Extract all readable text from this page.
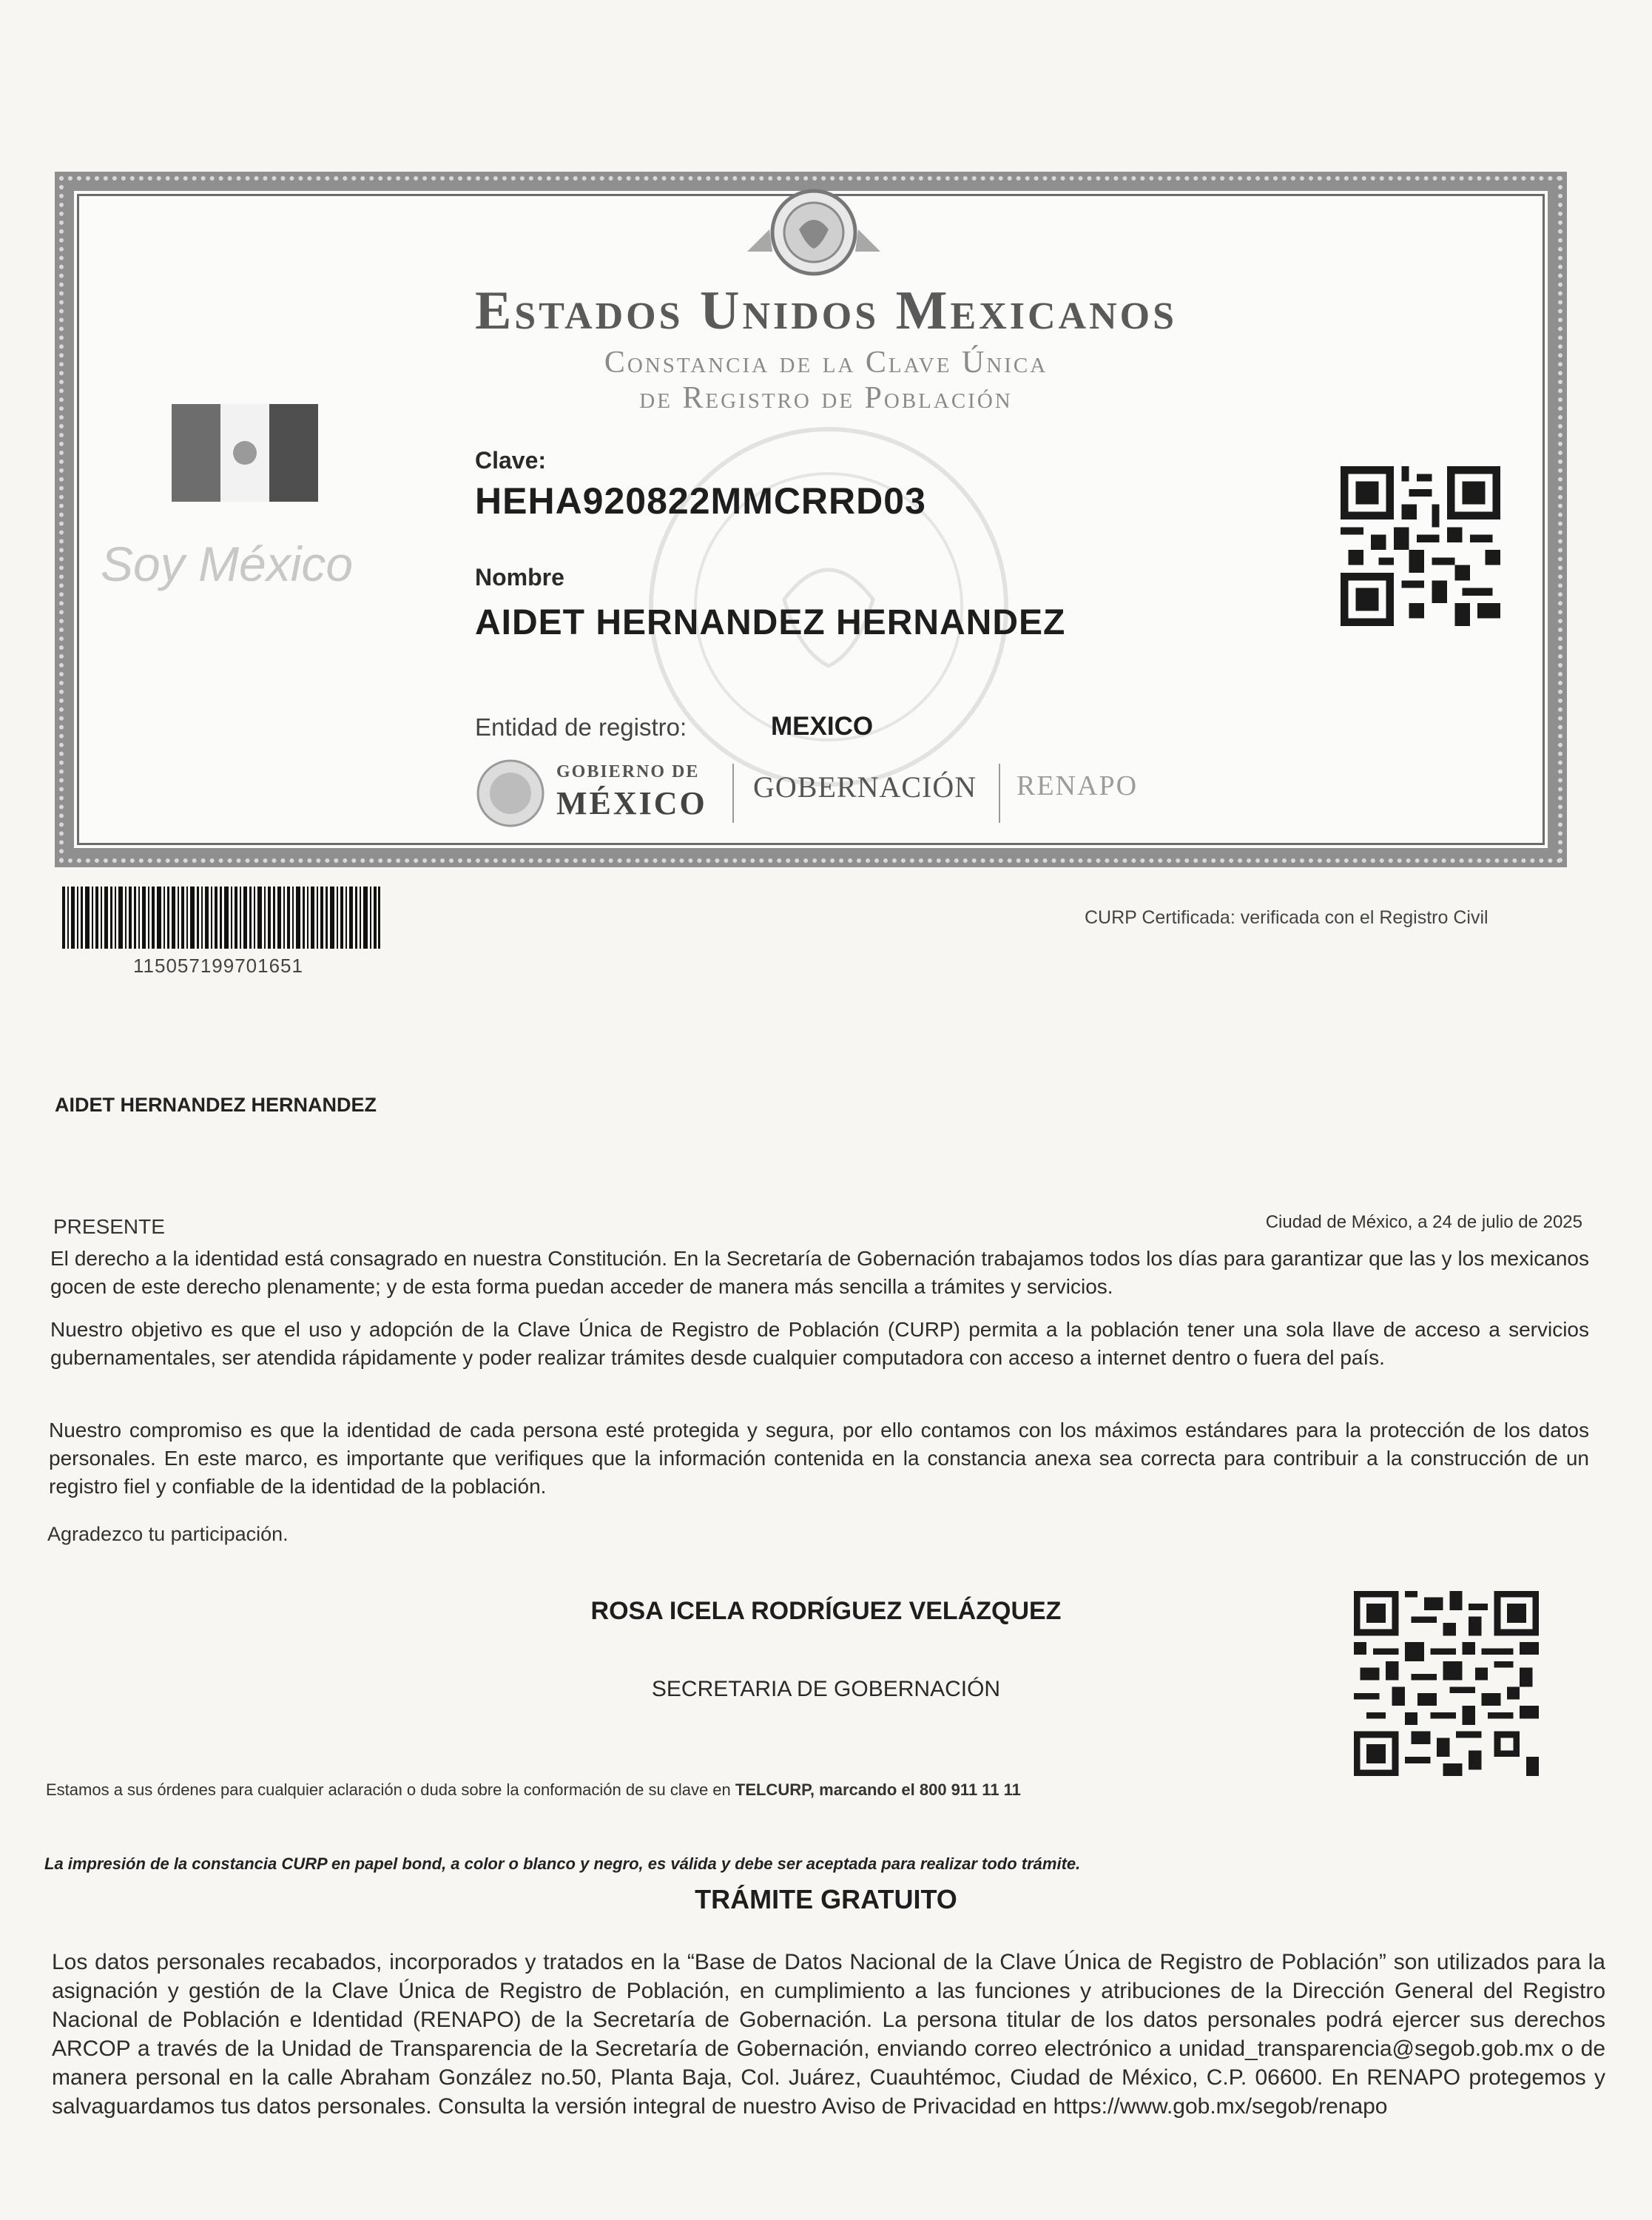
Estados Unidos Mexicanos
Constancia de la Clave Única
de Registro de Población
Soy México
Clave:
HEHA920822MMCRRD03
Nombre
AIDET HERNANDEZ HERNANDEZ
Entidad de registro:	MEXICO
GOBIERNO DE
MÉXICO GOBERNACIÓN RENAPO
115057199701651
CURP Certificada: verificada con el Registro Civil
AIDET HERNANDEZ HERNANDEZ
PRESENTE	Ciudad de México, a 24 de julio de 2025
El derecho a la identidad está consagrado en nuestra Constitución. En la Secretaría de Gobernación trabajamos todos los días para garantizar que las y los mexicanos gocen de este derecho plenamente; y de esta forma puedan acceder de manera más sencilla a trámites y servicios.
Nuestro objetivo es que el uso y adopción de la Clave Única de Registro de Población (CURP) permita a la población tener una sola llave de acceso a servicios gubernamentales, ser atendida rápidamente y poder realizar trámites desde cualquier computadora con acceso a internet dentro o fuera del país.
Nuestro compromiso es que la identidad de cada persona esté protegida y segura, por ello contamos con los máximos estándares para la protección de los datos personales. En este marco, es importante que verifiques que la información contenida en la constancia anexa sea correcta para contribuir a la construcción de un registro fiel y confiable de la identidad de la población.
Agradezco tu participación.
ROSA ICELA RODRÍGUEZ VELÁZQUEZ
SECRETARIA DE GOBERNACIÓN
Estamos a sus órdenes para cualquier aclaración o duda sobre la conformación de su clave en TELCURP, marcando el 800 911 11 11
La impresión de la constancia CURP en papel bond, a color o blanco y negro, es válida y debe ser aceptada para realizar todo trámite.
TRÁMITE GRATUITO
Los datos personales recabados, incorporados y tratados en la “Base de Datos Nacional de la Clave Única de Registro de Población” son utilizados para la asignación y gestión de la Clave Única de Registro de Población, en cumplimiento a las funciones y atribuciones de la Dirección General del Registro Nacional de Población e Identidad (RENAPO) de la Secretaría de Gobernación. La persona titular de los datos personales podrá ejercer sus derechos ARCOP a través de la Unidad de Transparencia de la Secretaría de Gobernación, enviando correo electrónico a unidad_transparencia@segob.gob.mx o de manera personal en la calle Abraham González no.50, Planta Baja, Col. Juárez, Cuauhtémoc, Ciudad de México, C.P. 06600. En RENAPO protegemos y salvaguardamos tus datos personales. Consulta la versión integral de nuestro Aviso de Privacidad en https://www.gob.mx/segob/renapo
